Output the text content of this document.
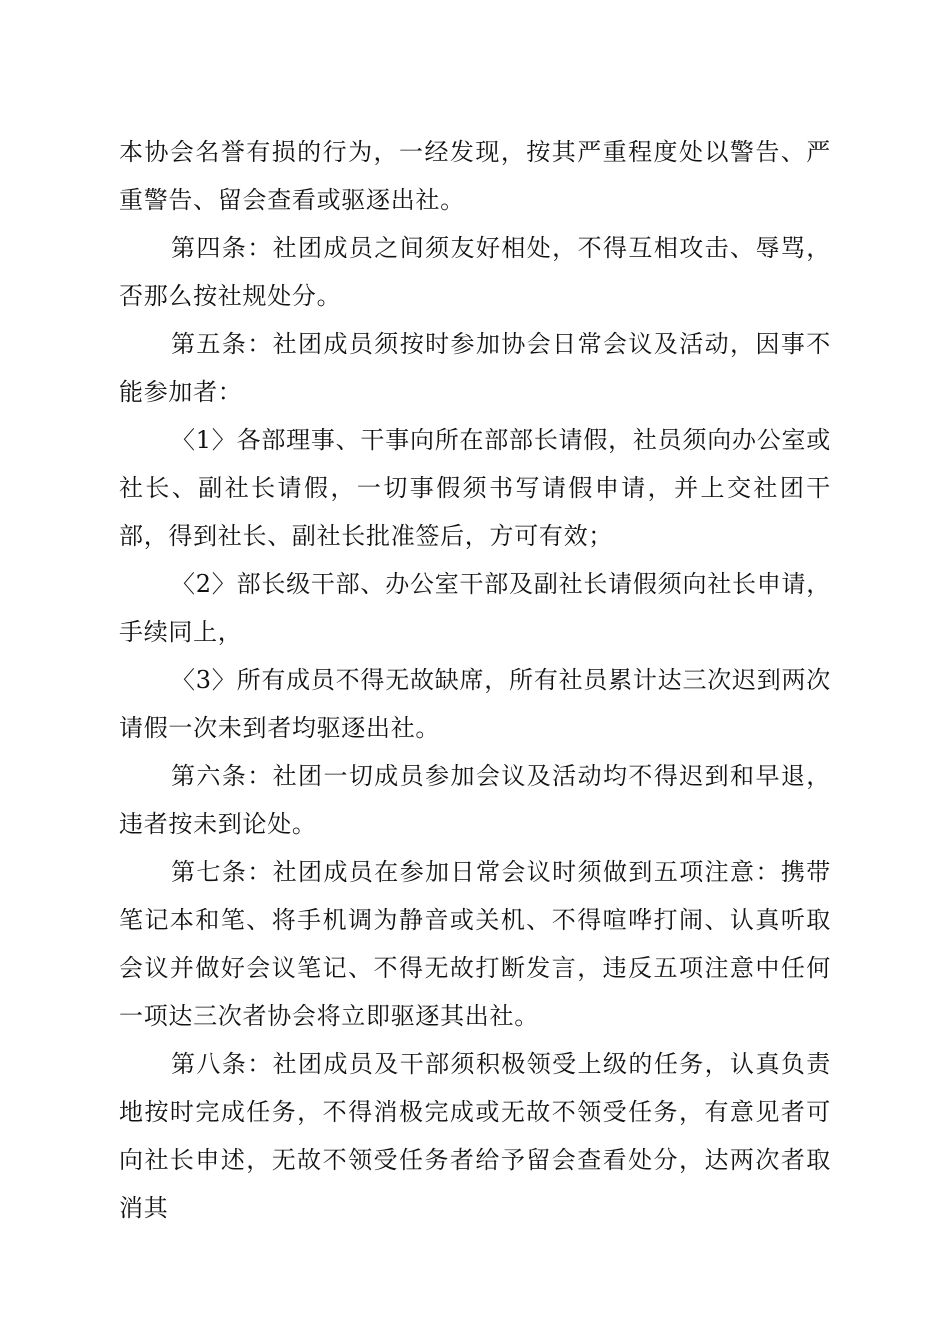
本协会名誉有损的行为，一经发现，按其严重程度处以警告、严重警告、留会查看或驱逐出社。

第四条：社团成员之间须友好相处，不得互相攻击、辱骂，否那么按社规处分。

第五条：社团成员须按时参加协会日常会议及活动，因事不能参加者：

〈1〉各部理事、干事向所在部部长请假，社员须向办公室或社长、副社长请假，一切事假须书写请假申请，并上交社团干部，得到社长、副社长批准签后，方可有效；

〈2〉部长级干部、办公室干部及副社长请假须向社长申请，手续同上，

〈3〉所有成员不得无故缺席，所有社员累计达三次迟到两次请假一次未到者均驱逐出社。

第六条：社团一切成员参加会议及活动均不得迟到和早退，违者按未到论处。

第七条：社团成员在参加日常会议时须做到五项注意：携带笔记本和笔、将手机调为静音或关机、不得喧哗打闹、认真听取会议并做好会议笔记、不得无故打断发言，违反五项注意中任何一项达三次者协会将立即驱逐其出社。

第八条：社团成员及干部须积极领受上级的任务，认真负责地按时完成任务，不得消极完成或无故不领受任务，有意见者可向社长申述，无故不领受任务者给予留会查看处分，达两次者取消其
